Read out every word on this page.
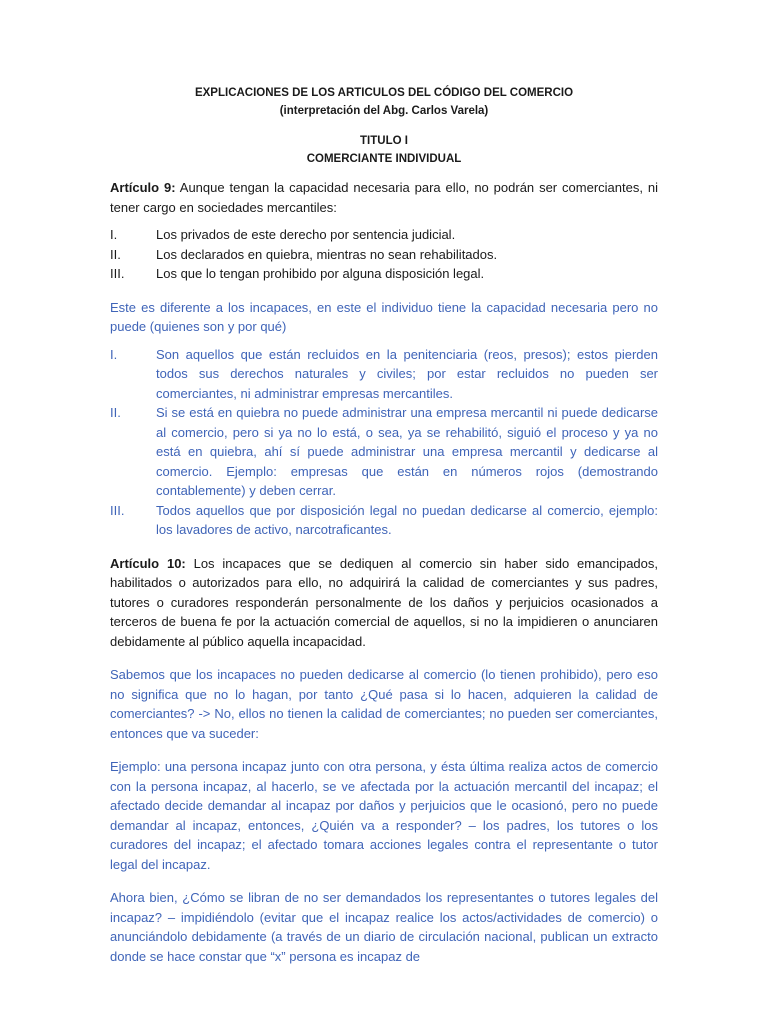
EXPLICACIONES DE LOS ARTICULOS DEL CÓDIGO DEL COMERCIO
(interpretación del Abg. Carlos Varela)
TITULO I
COMERCIANTE INDIVIDUAL

Artículo 9: Aunque tengan la capacidad necesaria para ello, no podrán ser comerciantes, ni tener cargo en sociedades mercantiles:

I.	Los privados de este derecho por sentencia judicial.
II.	Los declarados en quiebra, mientras no sean rehabilitados.
III. Los que lo tengan prohibido por alguna disposición legal.

Este es diferente a los incapaces, en este el individuo tiene la capacidad necesaria pero no puede (quienes son y por qué)

I.	Son aquellos que están recluidos en la penitenciaria (reos, presos); estos pierden todos sus derechos naturales y civiles; por estar recluidos no pueden ser comerciantes, ni administrar empresas mercantiles.
II.	Si se está en quiebra no puede administrar una empresa mercantil ni puede dedicarse al comercio, pero si ya no lo está, o sea, ya se rehabilitó, siguió el proceso y ya no está en quiebra, ahí sí puede administrar una empresa mercantil y dedicarse al comercio. Ejemplo: empresas que están en números rojos (demostrando contablemente) y deben cerrar.
III. Todos aquellos que por disposición legal no puedan dedicarse al comercio, ejemplo: los lavadores de activo, narcotraficantes.

Artículo 10: Los incapaces que se dediquen al comercio sin haber sido emancipados, habilitados o autorizados para ello, no adquirirá la calidad de comerciantes y sus padres, tutores o curadores responderán personalmente de los daños y perjuicios ocasionados a terceros de buena fe por la actuación comercial de aquellos, si no la impidieren o anunciaren debidamente al público aquella incapacidad.

Sabemos que los incapaces no pueden dedicarse al comercio (lo tienen prohibido), pero eso no significa que no lo hagan, por tanto ¿Qué pasa si lo hacen, adquieren la calidad de comerciantes? -> No, ellos no tienen la calidad de comerciantes; no pueden ser comerciantes, entonces que va suceder:

Ejemplo: una persona incapaz junto con otra persona, y ésta última realiza actos de comercio con la persona incapaz, al hacerlo, se ve afectada por la actuación mercantil del incapaz; el afectado decide demandar al incapaz por daños y perjuicios que le ocasionó, pero no puede demandar al incapaz, entonces, ¿Quién va a responder? – los padres, los tutores o los curadores del incapaz; el afectado tomara acciones legales contra el representante o tutor legal del incapaz.

Ahora bien, ¿Cómo se libran de no ser demandados los representantes o tutores legales del incapaz? – impidiéndolo (evitar que el incapaz realice los actos/actividades de comercio) o anunciándolo debidamente (a través de un diario de circulación nacional, publican un extracto donde se hace constar que “x” persona es incapaz de
